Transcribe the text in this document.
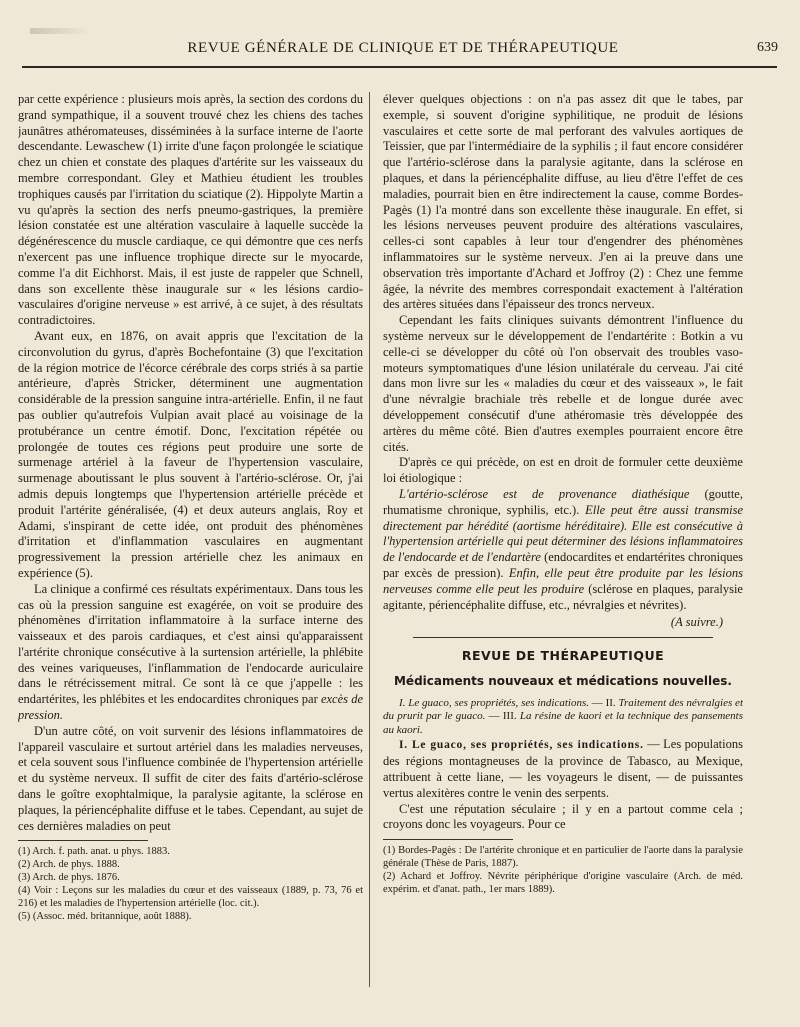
REVUE GÉNÉRALE DE CLINIQUE ET DE THÉRAPEUTIQUE	639

par cette expérience : plusieurs mois après, la section des cordons du grand sympathique, il a souvent trouvé chez les chiens des taches jaunâtres athéromateuses, disséminées à la surface interne de l'aorte descendante. Lewaschew (1) irrite d'une façon prolongée le sciatique chez un chien et constate des plaques d'artérite sur les vaisseaux du membre correspondant. Gley et Mathieu étudient les troubles trophiques causés par l'irritation du sciatique (2). Hippolyte Martin a vu qu'après la section des nerfs pneumo-gastriques, la première lésion constatée est une altération vasculaire à laquelle succède la dégénérescence du muscle cardiaque, ce qui démontre que ces nerfs n'exercent pas une influence trophique directe sur le myocarde, comme l'a dit Eichhorst. Mais, il est juste de rappeler que Schnell, dans son excellente thèse inaugurale sur « les lésions cardio-vasculaires d'origine nerveuse » est arrivé, à ce sujet, à des résultats contradictoires.

Avant eux, en 1876, on avait appris que l'excitation de la circonvolution du gyrus, d'après Bochefontaine (3) que l'excitation de la région motrice de l'écorce cérébrale des corps striés à sa partie antérieure, d'après Stricker, déterminent une augmentation considérable de la pression sanguine intra-artérielle. Enfin, il ne faut pas oublier qu'autrefois Vulpian avait placé au voisinage de la protubérance un centre émotif. Donc, l'excitation répétée ou prolongée de toutes ces régions peut produire une sorte de surmenage artériel à la faveur de l'hypertension vasculaire, surmenage aboutissant le plus souvent à l'artério-sclérose. Or, j'ai admis depuis longtemps que l'hypertension artérielle précède et produit l'artérite généralisée, (4) et deux auteurs anglais, Roy et Adami, s'inspirant de cette idée, ont produit des phénomènes d'irritation et d'inflammation vasculaires en augmentant progressivement la pression artérielle chez les animaux en expérience (5).

La clinique a confirmé ces résultats expérimentaux. Dans tous les cas où la pression sanguine est exagérée, on voit se produire des phénomènes d'irritation inflammatoire à la surface interne des vaisseaux et des parois cardiaques, et c'est ainsi qu'apparaissent l'artérite chronique consécutive à la surtension artérielle, la phlébite des veines variqueuses, l'inflammation de l'endocarde auriculaire dans le rétrécissement mitral. Ce sont là ce que j'appelle : les endartérites, les phlébites et les endocardites chroniques par excès de pression.

D'un autre côté, on voit survenir des lésions inflammatoires de l'appareil vasculaire et surtout artériel dans les maladies nerveuses, et cela souvent sous l'influence combinée de l'hypertension artérielle et du système nerveux. Il suffit de citer des faits d'artério-sclérose dans le goître exophtalmique, la paralysie agitante, la sclérose en plaques, la périencéphalite diffuse et le tabes. Cependant, au sujet de ces dernières maladies on peut

(1) Arch. f. path. anat. u phys. 1883.
(2) Arch. de phys. 1888.
(3) Arch. de phys. 1876.
(4) Voir : Leçons sur les maladies du cœur et des vaisseaux (1889, p. 73, 76 et 216) et les maladies de l'hypertension artérielle (loc. cit.).
(5) (Assoc. méd. britannique, août 1888).

élever quelques objections : on n'a pas assez dit que le tabes, par exemple, si souvent d'origine syphilitique, ne produit de lésions vasculaires et cette sorte de mal perforant des valvules aortiques de Teissier, que par l'intermédiaire de la syphilis ; il faut encore considérer que l'artério-sclérose dans la paralysie agitante, dans la sclérose en plaques, et dans la périencéphalite diffuse, au lieu d'être l'effet de ces maladies, pourrait bien en être indirectement la cause, comme Bordes-Pagès (1) l'a montré dans son excellente thèse inaugurale. En effet, si les lésions nerveuses peuvent produire des altérations vasculaires, celles-ci sont capables à leur tour d'engendrer des phénomènes inflammatoires sur le système nerveux. J'en ai la preuve dans une observation très importante d'Achard et Joffroy (2) : Chez une femme âgée, la névrite des membres correspondait exactement à l'altération des artères situées dans l'épaisseur des troncs nerveux.

Cependant les faits cliniques suivants démontrent l'influence du système nerveux sur le développement de l'endartérite : Botkin a vu celle-ci se développer du côté où l'on observait des troubles vaso-moteurs symptomatiques d'une lésion unilatérale du cerveau. J'ai cité dans mon livre sur les « maladies du cœur et des vaisseaux », le fait d'une névralgie brachiale très rebelle et de longue durée avec développement consécutif d'une athéromasie très développée des artères du même côté. Bien d'autres exemples pourraient encore être cités.

D'après ce qui précède, on est en droit de formuler cette deuxième loi étiologique :

L'artério-sclérose est de provenance diathésique (goutte, rhumatisme chronique, syphilis, etc.). Elle peut être aussi transmise directement par hérédité (aortisme héréditaire). Elle est consécutive à l'hypertension artérielle qui peut déterminer des lésions inflammatoires de l'endocarde et de l'endartère (endocardites et endartérites chroniques par excès de pression). Enfin, elle peut être produite par les lésions nerveuses comme elle peut les produire (sclérose en plaques, paralysie agitante, périencéphalite diffuse, etc., névralgies et névrites).

(A suivre.)
REVUE DE THÉRAPEUTIQUE
Médicaments nouveaux et médications nouvelles.

I. Le guaco, ses propriétés, ses indications. — II. Traitement des névralgies et du prurit par le guaco. — III. La résine de kaori et la technique des pansements au kaori.

I. Le guaco, ses propriétés, ses indications. — Les populations des régions montagneuses de la province de Tabasco, au Mexique, attribuent à cette liane, — les voyageurs le disent, — de puissantes vertus alexitères contre le venin des serpents.

C'est une réputation séculaire ; il y en a partout comme cela ; croyons donc les voyageurs. Pour ce

(1) Bordes-Pagès : De l'artérite chronique et en particulier de l'aorte dans la paralysie générale (Thèse de Paris, 1887).
(2) Achard et Joffroy. Névrite périphérique d'origine vasculaire (Arch. de méd. expérim. et d'anat. path., 1er mars 1889).
